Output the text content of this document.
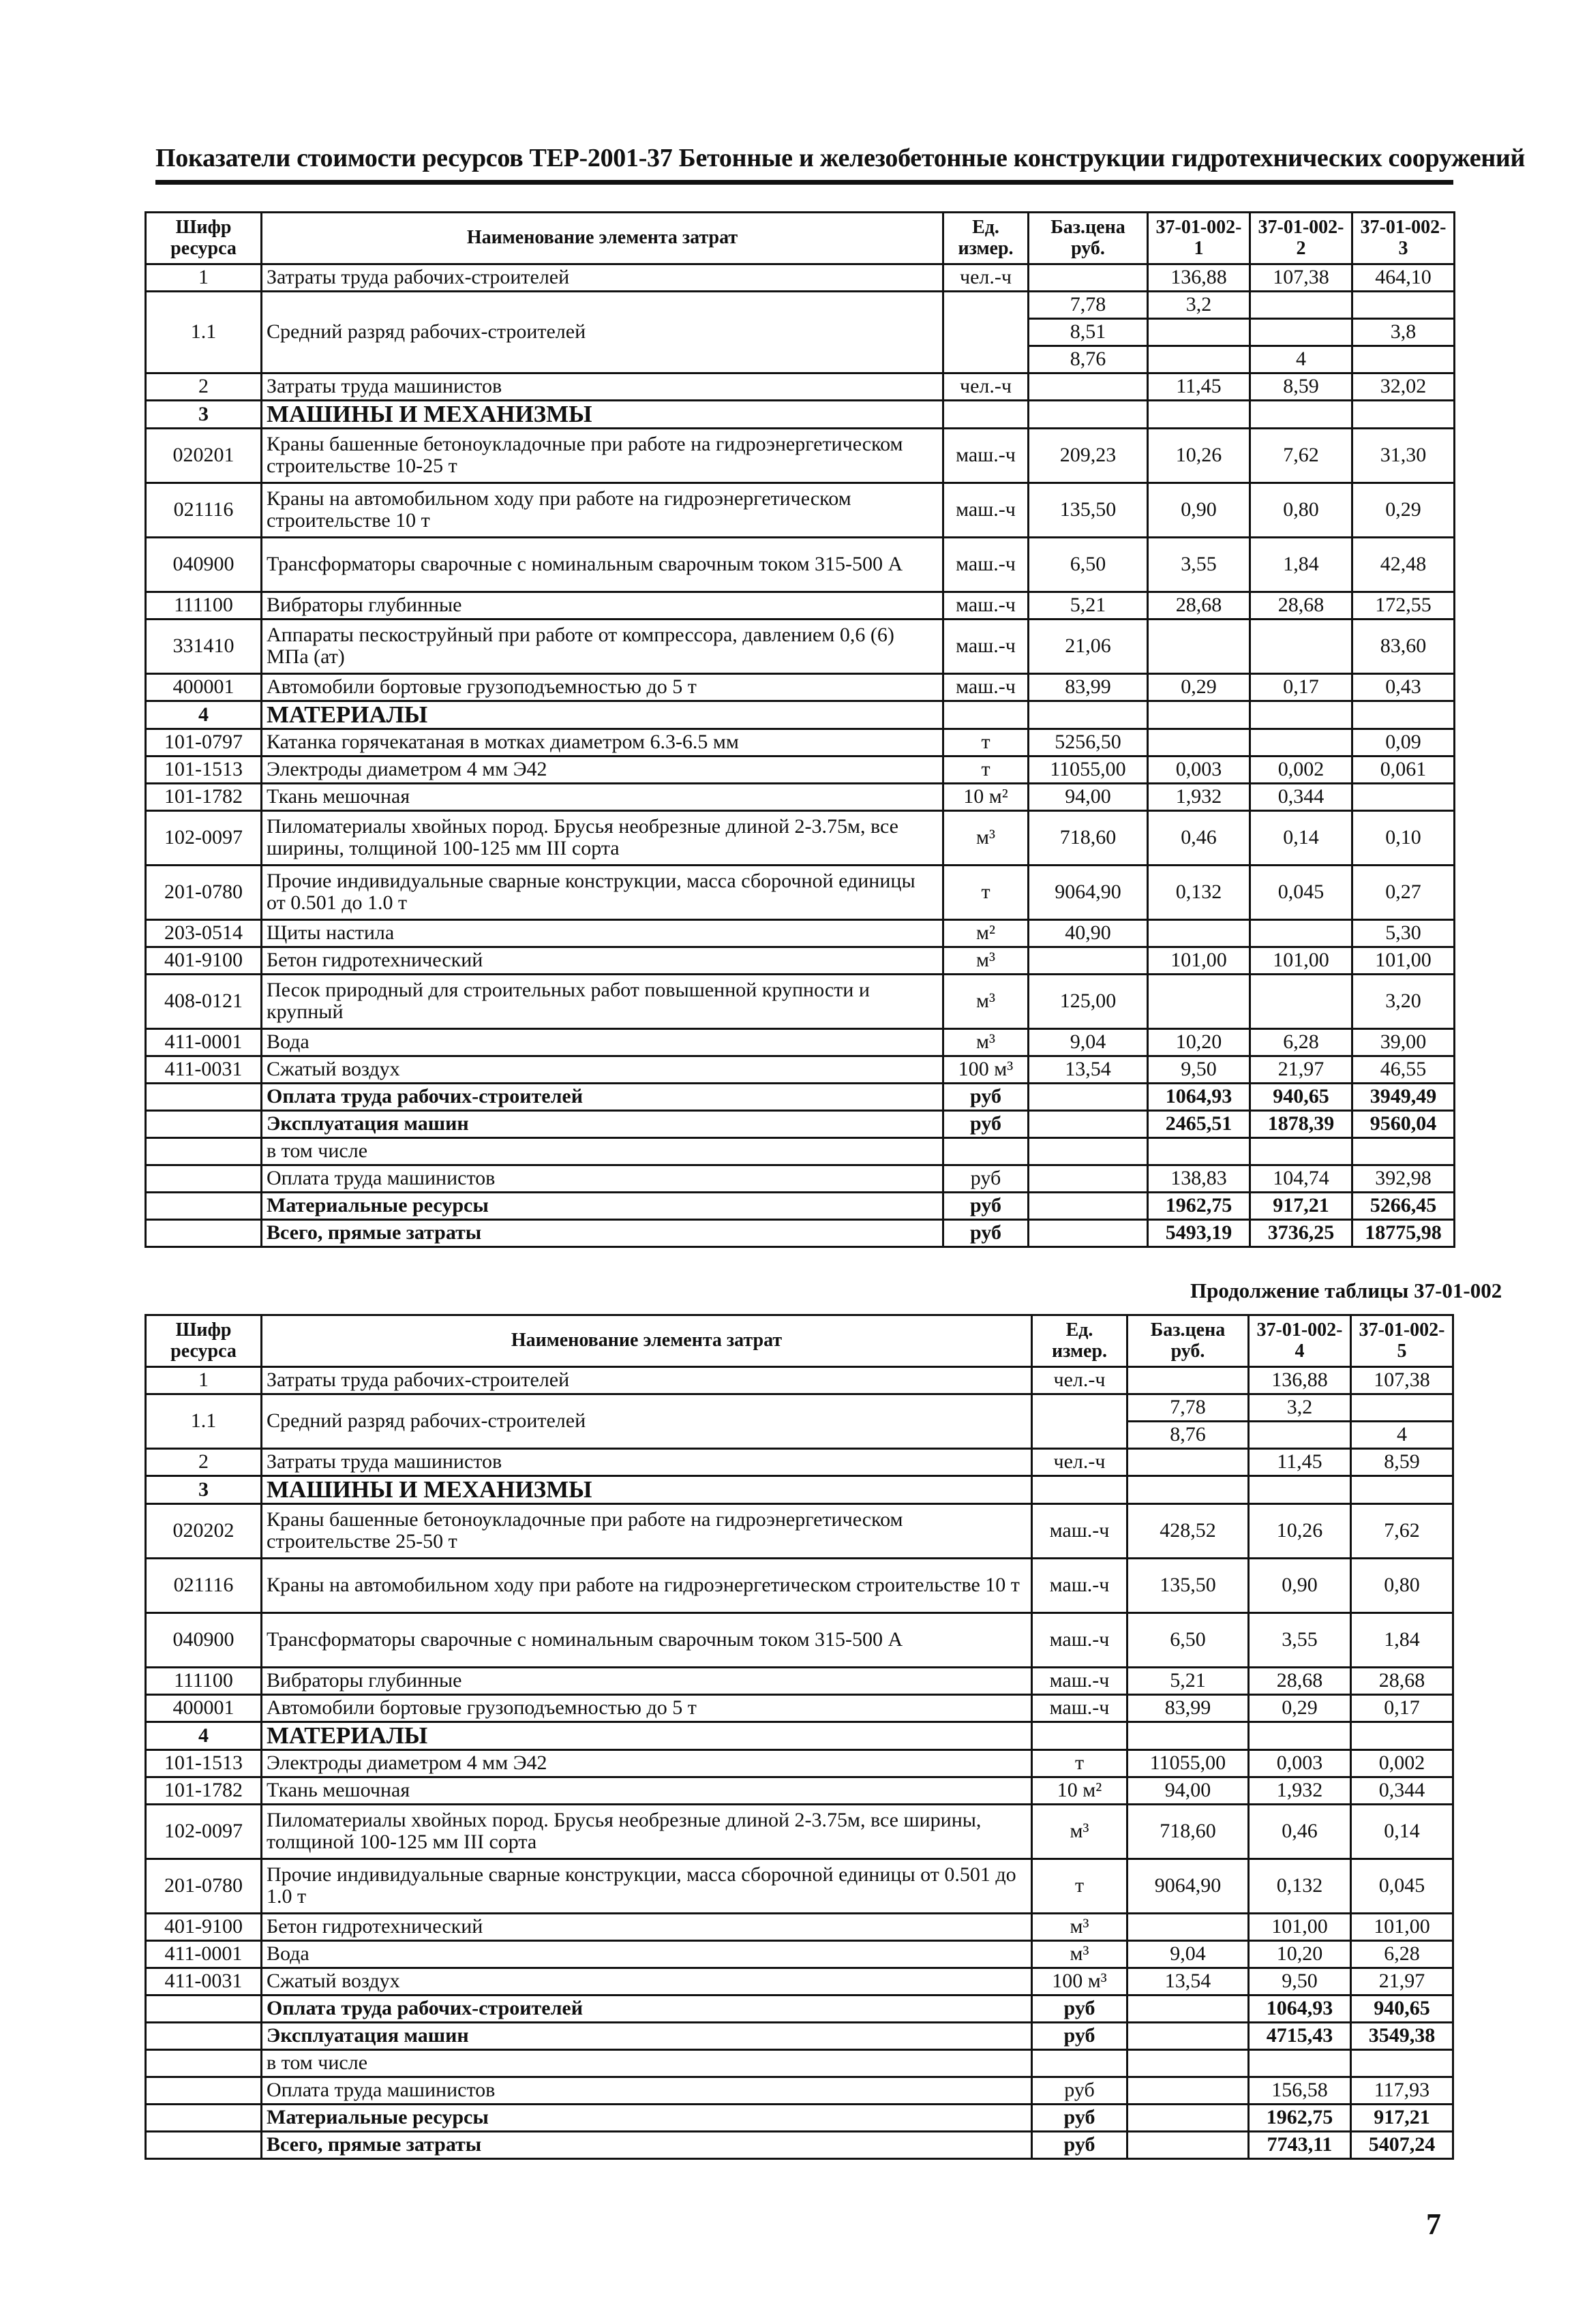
Показатели стоимости ресурсов ТЕР-2001-37 Бетонные и железобетонные конструкции гидротехнических сооружений
Шифр ресурса	Наименование элемента затрат	Ед. измер.	Баз.цена руб.	37-01-002-1	37-01-002-2	37-01-002-3
1	Затраты труда рабочих-строителей	чел.-ч		136,88	107,38	464,10
1.1	Средний разряд рабочих-строителей		7,78	3,2		
			8,51			3,8
			8,76		4	
2	Затраты труда машинистов	чел.-ч		11,45	8,59	32,02
3	МАШИНЫ И МЕХАНИЗМЫ					
020201	Краны башенные бетоноукладочные при работе на гидроэнергетическом строительстве 10-25 т	маш.-ч	209,23	10,26	7,62	31,30
021116	Краны на автомобильном ходу при работе на гидроэнергетическом строительстве 10 т	маш.-ч	135,50	0,90	0,80	0,29
040900	Трансформаторы сварочные с номинальным сварочным током 315-500 А	маш.-ч	6,50	3,55	1,84	42,48
111100	Вибраторы глубинные	маш.-ч	5,21	28,68	28,68	172,55
331410	Аппараты пескоструйный при работе от компрессора, давлением 0,6 (6) МПа (ат)	маш.-ч	21,06			83,60
400001	Автомобили бортовые грузоподъемностью до 5 т	маш.-ч	83,99	0,29	0,17	0,43
4	МАТЕРИАЛЫ					
101-0797	Катанка горячекатаная в мотках диаметром 6.3-6.5 мм	т	5256,50			0,09
101-1513	Электроды диаметром 4 мм Э42	т	11055,00	0,003	0,002	0,061
101-1782	Ткань мешочная	10 м²	94,00	1,932	0,344	
102-0097	Пиломатериалы хвойных пород. Брусья необрезные длиной 2-3.75м, все ширины, толщиной 100-125 мм III сорта	м³	718,60	0,46	0,14	0,10
201-0780	Прочие индивидуальные сварные конструкции, масса сборочной единицы от 0.501 до 1.0 т	т	9064,90	0,132	0,045	0,27
203-0514	Щиты настила	м²	40,90			5,30
401-9100	Бетон гидротехнический	м³		101,00	101,00	101,00
408-0121	Песок природный для строительных работ повышенной крупности и крупный	м³	125,00			3,20
411-0001	Вода	м³	9,04	10,20	6,28	39,00
411-0031	Сжатый воздух	100 м³	13,54	9,50	21,97	46,55
	Оплата труда рабочих-строителей	руб		1064,93	940,65	3949,49
	Эксплуатация машин	руб		2465,51	1878,39	9560,04
	в том числе					
	Оплата труда машинистов	руб		138,83	104,74	392,98
	Материальные ресурсы	руб		1962,75	917,21	5266,45
	Всего, прямые затраты	руб		5493,19	3736,25	18775,98
Продолжение таблицы 37-01-002
Шифр ресурса	Наименование элемента затрат	Ед. измер.	Баз.цена руб.	37-01-002-4	37-01-002-5
1	Затраты труда рабочих-строителей	чел.-ч		136,88	107,38
1.1	Средний разряд рабочих-строителей		7,78	3,2	
			8,76		4
2	Затраты труда машинистов	чел.-ч		11,45	8,59
3	МАШИНЫ И МЕХАНИЗМЫ				
020202	Краны башенные бетоноукладочные при работе на гидроэнергетическом строительстве 25-50 т	маш.-ч	428,52	10,26	7,62
021116	Краны на автомобильном ходу при работе на гидроэнергетическом строительстве 10 т	маш.-ч	135,50	0,90	0,80
040900	Трансформаторы сварочные с номинальным сварочным током 315-500 А	маш.-ч	6,50	3,55	1,84
111100	Вибраторы глубинные	маш.-ч	5,21	28,68	28,68
400001	Автомобили бортовые грузоподъемностью до 5 т	маш.-ч	83,99	0,29	0,17
4	МАТЕРИАЛЫ				
101-1513	Электроды диаметром 4 мм Э42	т	11055,00	0,003	0,002
101-1782	Ткань мешочная	10 м²	94,00	1,932	0,344
102-0097	Пиломатериалы хвойных пород. Брусья необрезные длиной 2-3.75м, все ширины, толщиной 100-125 мм III сорта	м³	718,60	0,46	0,14
201-0780	Прочие индивидуальные сварные конструкции, масса сборочной единицы от 0.501 до 1.0 т	т	9064,90	0,132	0,045
401-9100	Бетон гидротехнический	м³		101,00	101,00
411-0001	Вода	м³	9,04	10,20	6,28
411-0031	Сжатый воздух	100 м³	13,54	9,50	21,97
	Оплата труда рабочих-строителей	руб		1064,93	940,65
	Эксплуатация машин	руб		4715,43	3549,38
	в том числе				
	Оплата труда машинистов	руб		156,58	117,93
	Материальные ресурсы	руб		1962,75	917,21
	Всего, прямые затраты	руб		7743,11	5407,24
7
